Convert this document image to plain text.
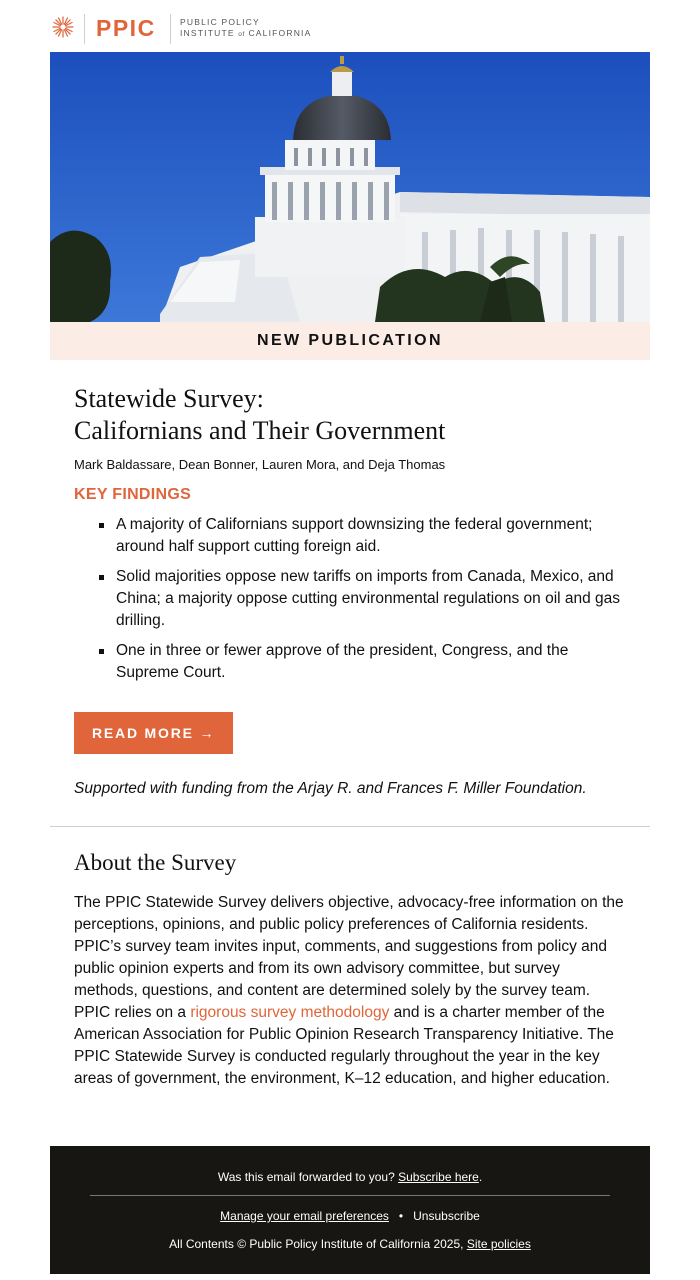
PPIC	PUBLIC POLICY
INSTITUTE of CALIFORNIA
NEW PUBLICATION
Statewide Survey:
Californians and Their Government
Mark Baldassare, Dean Bonner, Lauren Mora, and Deja Thomas
KEY FINDINGS
A majority of Californians support downsizing the federal government; around half support cutting foreign aid.
Solid majorities oppose new tariffs on imports from Canada, Mexico, and China; a majority oppose cutting environmental regulations on oil and gas drilling.
One in three or fewer approve of the president, Congress, and the Supreme Court.
READ MORE →
Supported with funding from the Arjay R. and Frances F. Miller Foundation.
About the Survey
The PPIC Statewide Survey delivers objective, advocacy-free information on the perceptions, opinions, and public policy preferences of California residents. PPIC’s survey team invites input, comments, and suggestions from policy and public opinion experts and from its own advisory committee, but survey methods, questions, and content are determined solely by the survey team. PPIC relies on a rigorous survey methodology and is a charter member of the American Association for Public Opinion Research Transparency Initiative. The PPIC Statewide Survey is conducted regularly throughout the year in the key areas of government, the environment, K–12 education, and higher education.
Was this email forwarded to you? Subscribe here.
Manage your email preferences • Unsubscribe
All Contents © Public Policy Institute of California 2025, Site policies
